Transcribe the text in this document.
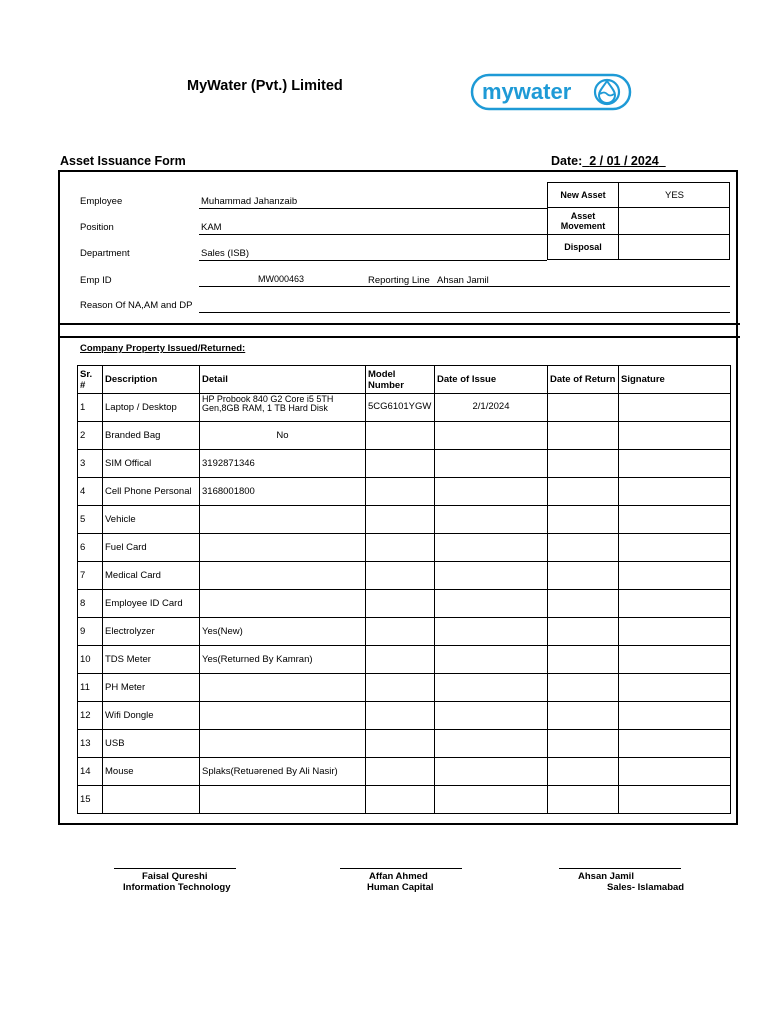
MyWater (Pvt.) Limited	mywater
Asset Issuance Form	Date: 2 / 01 / 2024
Employee	Muhammad Jahanzaib
Position	KAM
Department	Sales (ISB)
Emp ID	MW000463	Reporting Line Ahsan Jamil
Reason Of NA,AM and DP
New Asset	YES
Asset Movement
Disposal
Company Property Issued/Returned:
Sr. #	Description	Detail	Model Number	Date of Issue	Date of Return	Signature
1	Laptop / Desktop	HP Probook 840 G2 Core i5 5TH Gen,8GB RAM, 1 TB Hard Disk	5CG6101YGW	2/1/2024		
2	Branded Bag	No				
3	SIM Offical	3192871346				
4	Cell Phone Personal	3168001800				
5	Vehicle					
6	Fuel Card					
7	Medical Card					
8	Employee ID Card					
9	Electrolyzer	Yes(New)				
10	TDS Meter	Yes(Returned By Kamran)				
11	PH Meter					
12	Wifi Dongle					
13	USB					
14	Mouse	Splaks(Retuərened By Ali Nasir)				
15						
Faisal Qureshi
Information Technology
Affan Ahmed
Human Capital
Ahsan Jamil
Sales- Islamabad
